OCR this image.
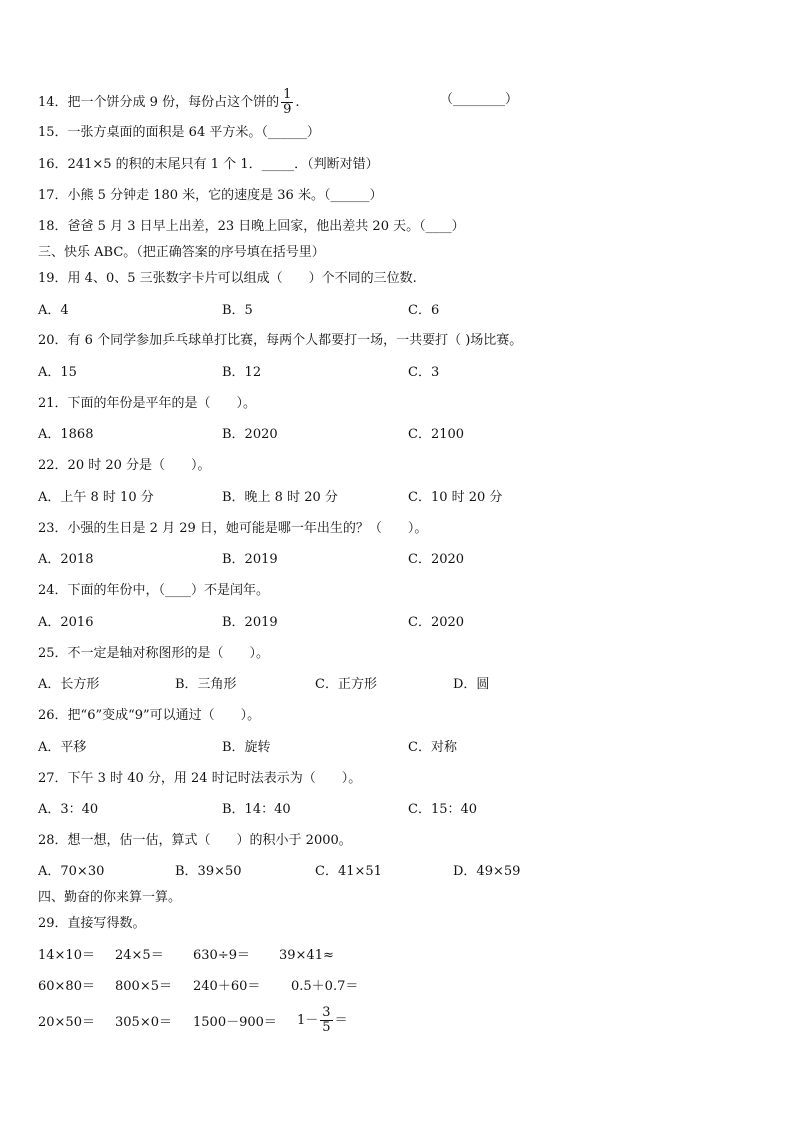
14．把一个饼分成 9 份，每份占这个饼的 $\frac{1}{9}$ .	（________）
15．一张方桌面的面积是 64 平方米。（______）
16．241×5 的积的末尾只有 1 个 1．_____．（判断对错）
17．小熊 5 分钟走 180 米，它的速度是 36 米。（______）
18．爸爸 5 月 3 日早上出差，23 日晚上回家，他出差共 20 天。（____）
三、快乐 ABC。（把正确答案的序号填在括号里）
19．用 4、0、5 三张数字卡片可以组成（　　）个不同的三位数.
A．4	B．5	C．6
20．有 6 个同学参加乒乓球单打比赛，每两个人都要打一场，一共要打（ )场比赛。
A．15	B．12	C．3
21．下面的年份是平年的是（　　）。
A．1868	B．2020	C．2100
22．20 时 20 分是（　　）。
A．上午 8 时 10 分	B．晚上 8 时 20 分	C．10 时 20 分
23．小强的生日是 2 月 29 日，她可能是哪一年出生的？（　　）。
A．2018	B．2019	C．2020
24．下面的年份中，（____）不是闰年。
A．2016	B．2019	C．2020
25．不一定是轴对称图形的是（　　）。
A．长方形	B．三角形	C．正方形	D．圆
26．把“6”变成“9”可以通过（　　）。
A．平移	B．旋转	C．对称
27．下午 3 时 40 分，用 24 时记时法表示为（　　）。
A．3：40	B．14：40	C．15：40
28．想一想，估一估，算式（　　）的积小于 2000。
A．70×30	B．39×50	C．41×51	D．49×59
四、勤奋的你来算一算。
29．直接写得数。
14×10＝ 24×5＝ 630÷9＝ 39×41≈
60×80＝ 800×5＝ 240＋60＝ 0.5＋0.7＝
$20\times 50= 305\times 0= 1500-900= 1- \frac{3}{5}$ ＝
